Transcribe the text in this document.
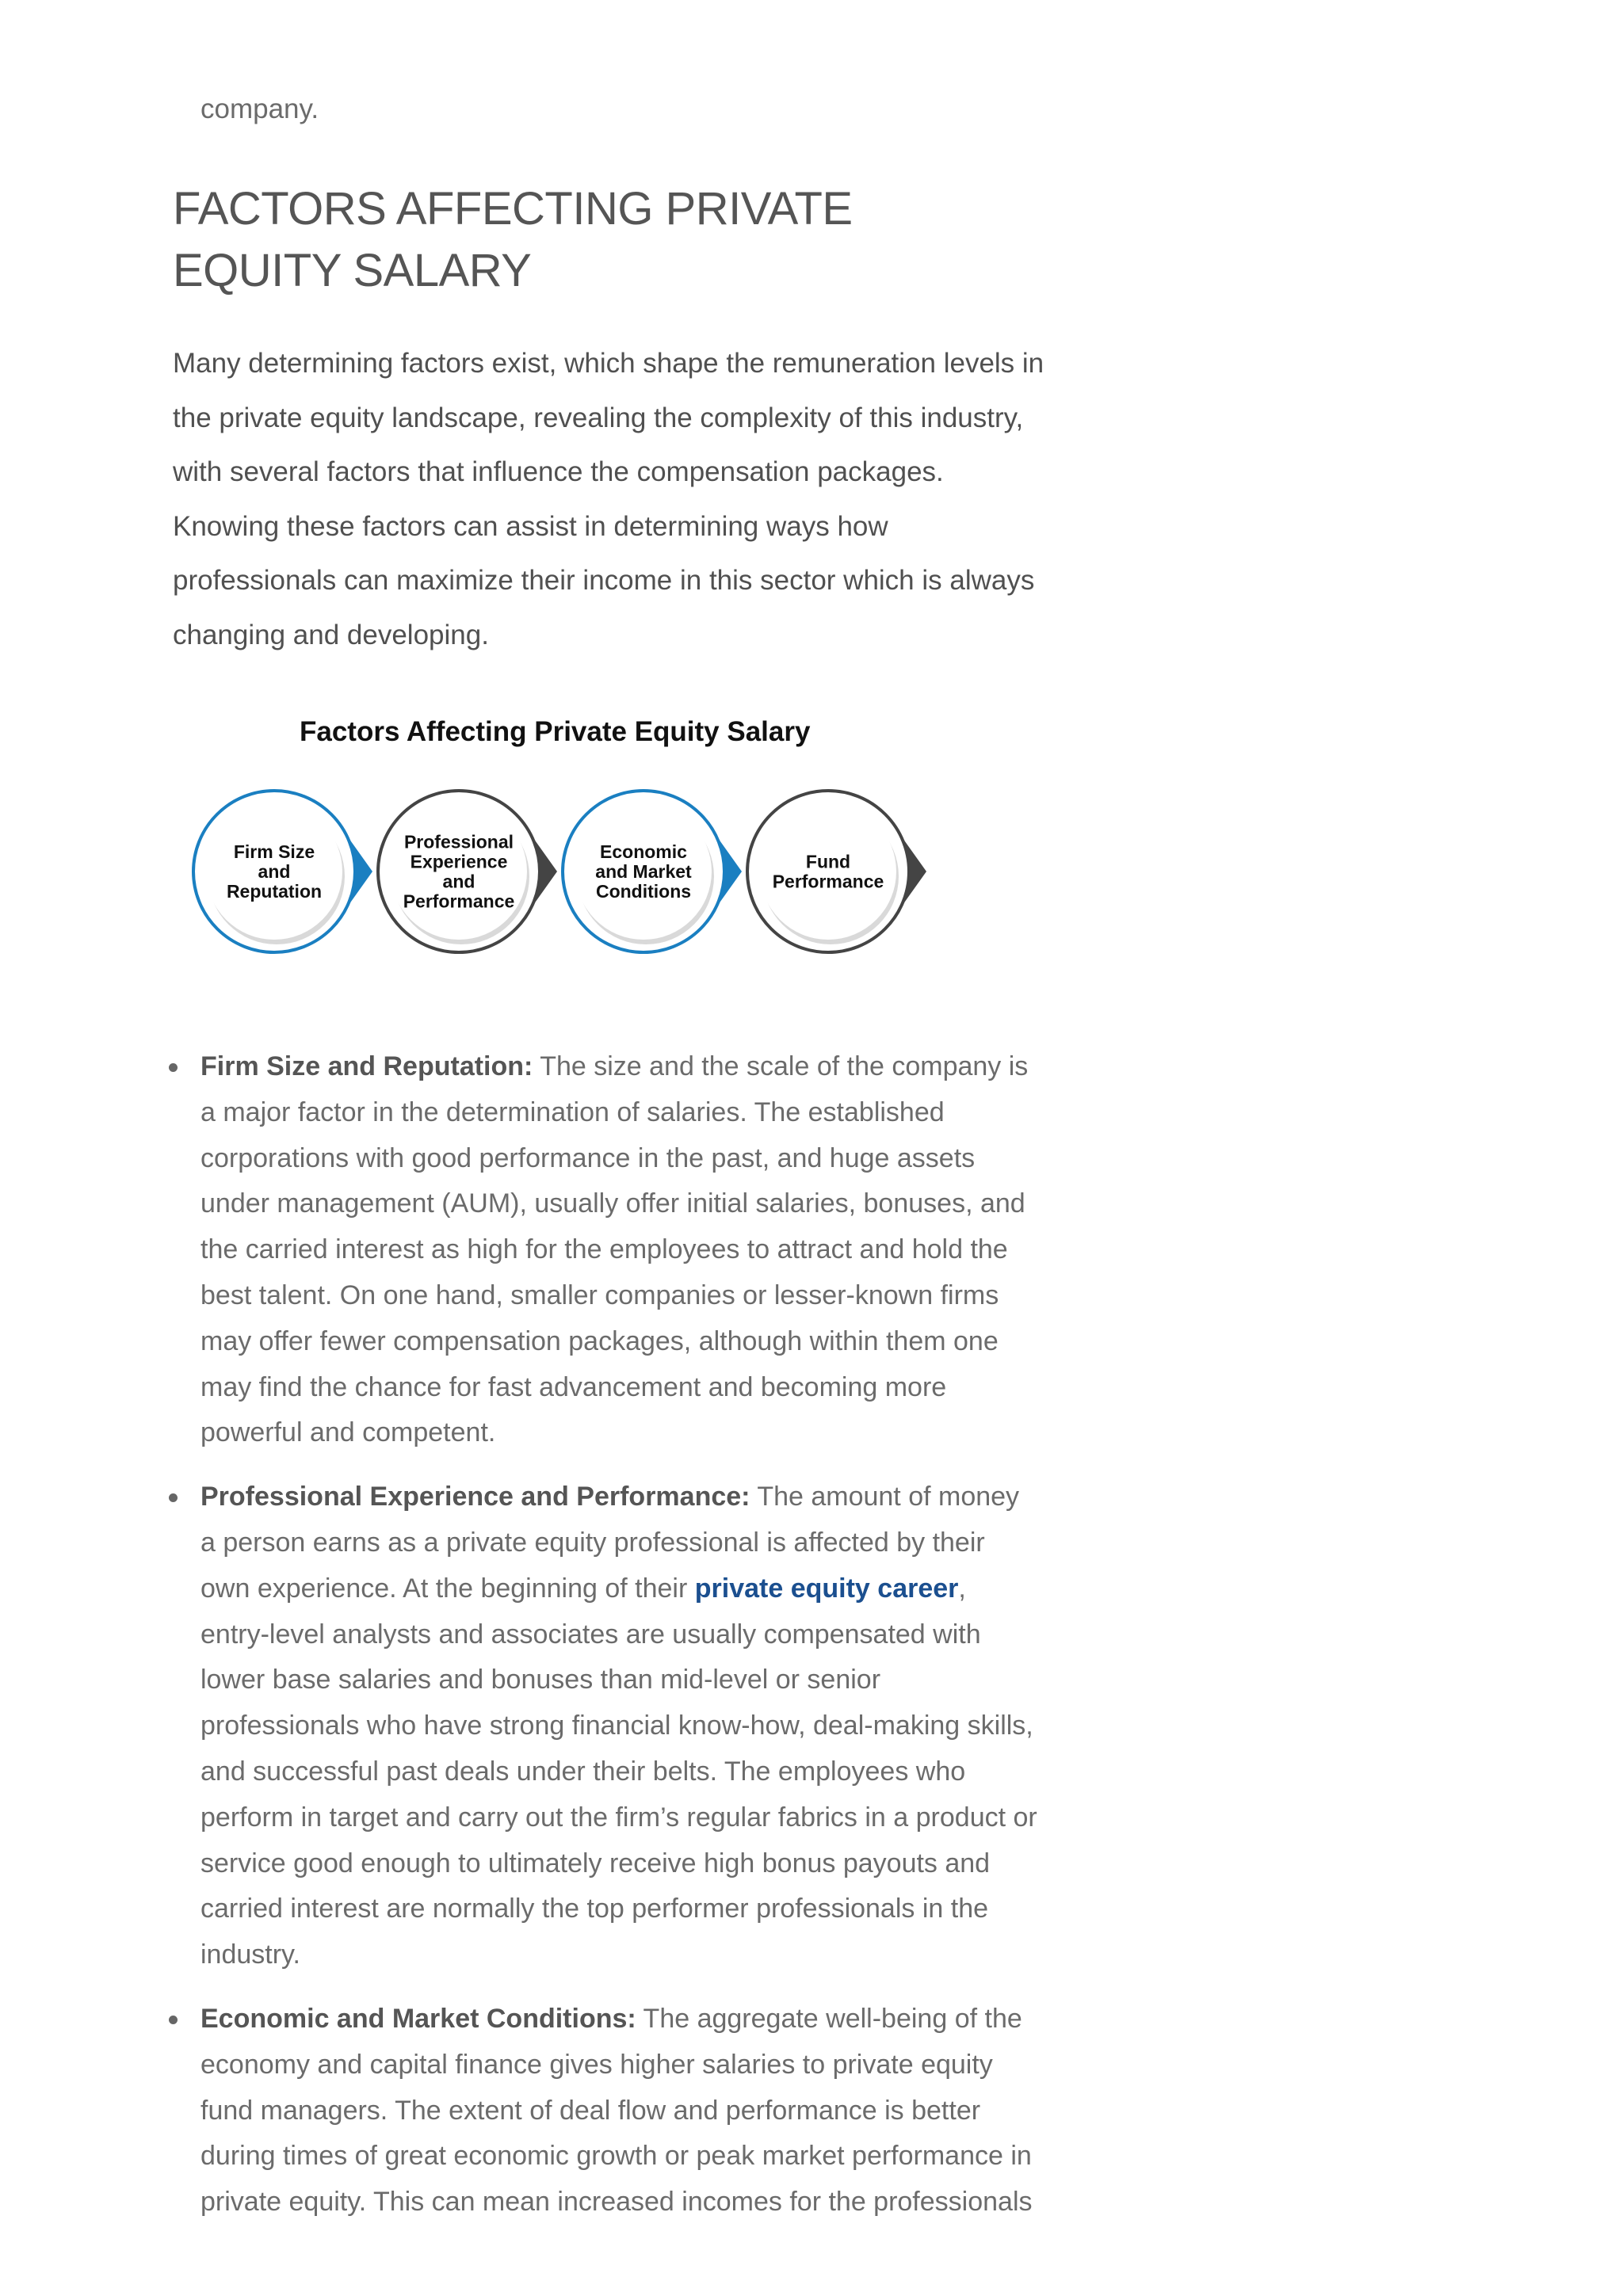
company.
FACTORS AFFECTING PRIVATE EQUITY SALARY

Many determining factors exist, which shape the remuneration levels in the private equity landscape, revealing the complexity of this industry, with several factors that influence the compensation packages. Knowing these factors can assist in determining ways how professionals can maximize their income in this sector which is always changing and developing.

Factors Affecting Private Equity Salary
Firm Size
and
Reputation
Professional
Experience
and
Performance
Economic
and Market
Conditions
Fund
Performance
Firm Size and Reputation: The size and the scale of the company is a major factor in the determination of salaries. The established corporations with good performance in the past, and huge assets under management (AUM), usually offer initial salaries, bonuses, and the carried interest as high for the employees to attract and hold the best talent. On one hand, smaller companies or lesser-known firms may offer fewer compensation packages, although within them one may find the chance for fast advancement and becoming more powerful and competent.
Professional Experience and Performance: The amount of money a person earns as a private equity professional is affected by their own experience. At the beginning of their private equity career, entry-level analysts and associates are usually compensated with lower base salaries and bonuses than mid-level or senior professionals who have strong financial know-how, deal-making skills, and successful past deals under their belts. The employees who perform in target and carry out the firm’s regular fabrics in a product or service good enough to ultimately receive high bonus payouts and carried interest are normally the top performer professionals in the industry.
Economic and Market Conditions: The aggregate well-being of the economy and capital finance gives higher salaries to private equity fund managers. The extent of deal flow and performance is better during times of great economic growth or peak market performance in private equity. This can mean increased incomes for the professionals
